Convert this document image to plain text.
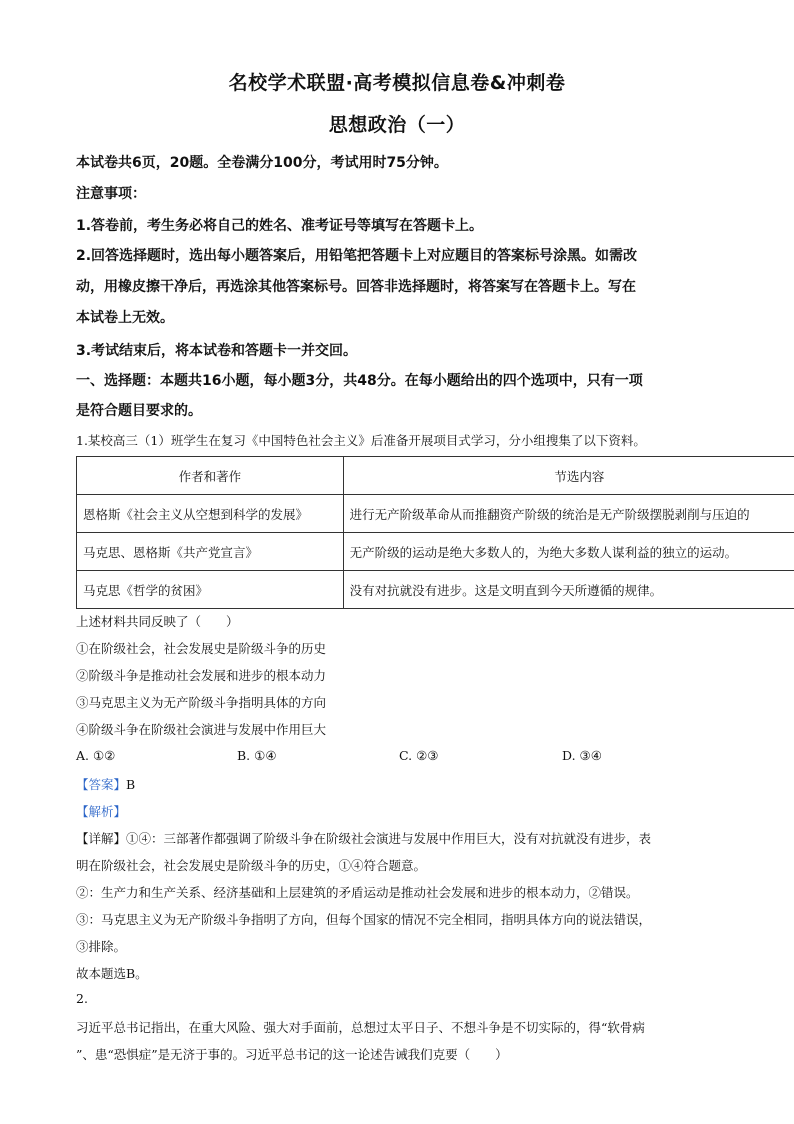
名校学术联盟·高考模拟信息卷&冲刺卷
思想政治（一）
本试卷共6页，20题。全卷满分100分，考试用时75分钟。
注意事项：
1.答卷前，考生务必将自己的姓名、准考证号等填写在答题卡上。
2.回答选择题时，选出每小题答案后，用铅笔把答题卡上对应题目的答案标号涂黑。如需改
动，用橡皮擦干净后，再选涂其他答案标号。回答非选择题时，将答案写在答题卡上。写在
本试卷上无效。
3.考试结束后，将本试卷和答题卡一并交回。
一、选择题：本题共16小题，每小题3分，共48分。在每小题给出的四个选项中，只有一项
是符合题目要求的。
1.某校高三（1）班学生在复习《中国特色社会主义》后准备开展项目式学习，分小组搜集了以下资料。
作者和著作	节选内容
恩格斯《社会主义从空想到科学的发展》	进行无产阶级革命从而推翻资产阶级的统治是无产阶级摆脱剥削与压迫的
马克思、恩格斯《共产党宣言》	无产阶级的运动是绝大多数人的，为绝大多数人谋利益的独立的运动。
马克思《哲学的贫困》	没有对抗就没有进步。这是文明直到今天所遵循的规律。
上述材料共同反映了（　　）
①在阶级社会，社会发展史是阶级斗争的历史
②阶级斗争是推动社会发展和进步的根本动力
③马克思主义为无产阶级斗争指明具体的方向
④阶级斗争在阶级社会演进与发展中作用巨大
A. ①②	B. ①④	C. ②③	D. ③④
【答案】B
【解析】
【详解】①④：三部著作都强调了阶级斗争在阶级社会演进与发展中作用巨大，没有对抗就没有进步，表
明在阶级社会，社会发展史是阶级斗争的历史，①④符合题意。
②：生产力和生产关系、经济基础和上层建筑的矛盾运动是推动社会发展和进步的根本动力，②错误。
③：马克思主义为无产阶级斗争指明了方向，但每个国家的情况不完全相同，指明具体方向的说法错误，
③排除。
故本题选B。
2.
习近平总书记指出，在重大风险、强大对手面前，总想过太平日子、不想斗争是不切实际的，得“软骨病
”、患“恐惧症”是无济于事的。习近平总书记的这一论述告诫我们克要（　　）
